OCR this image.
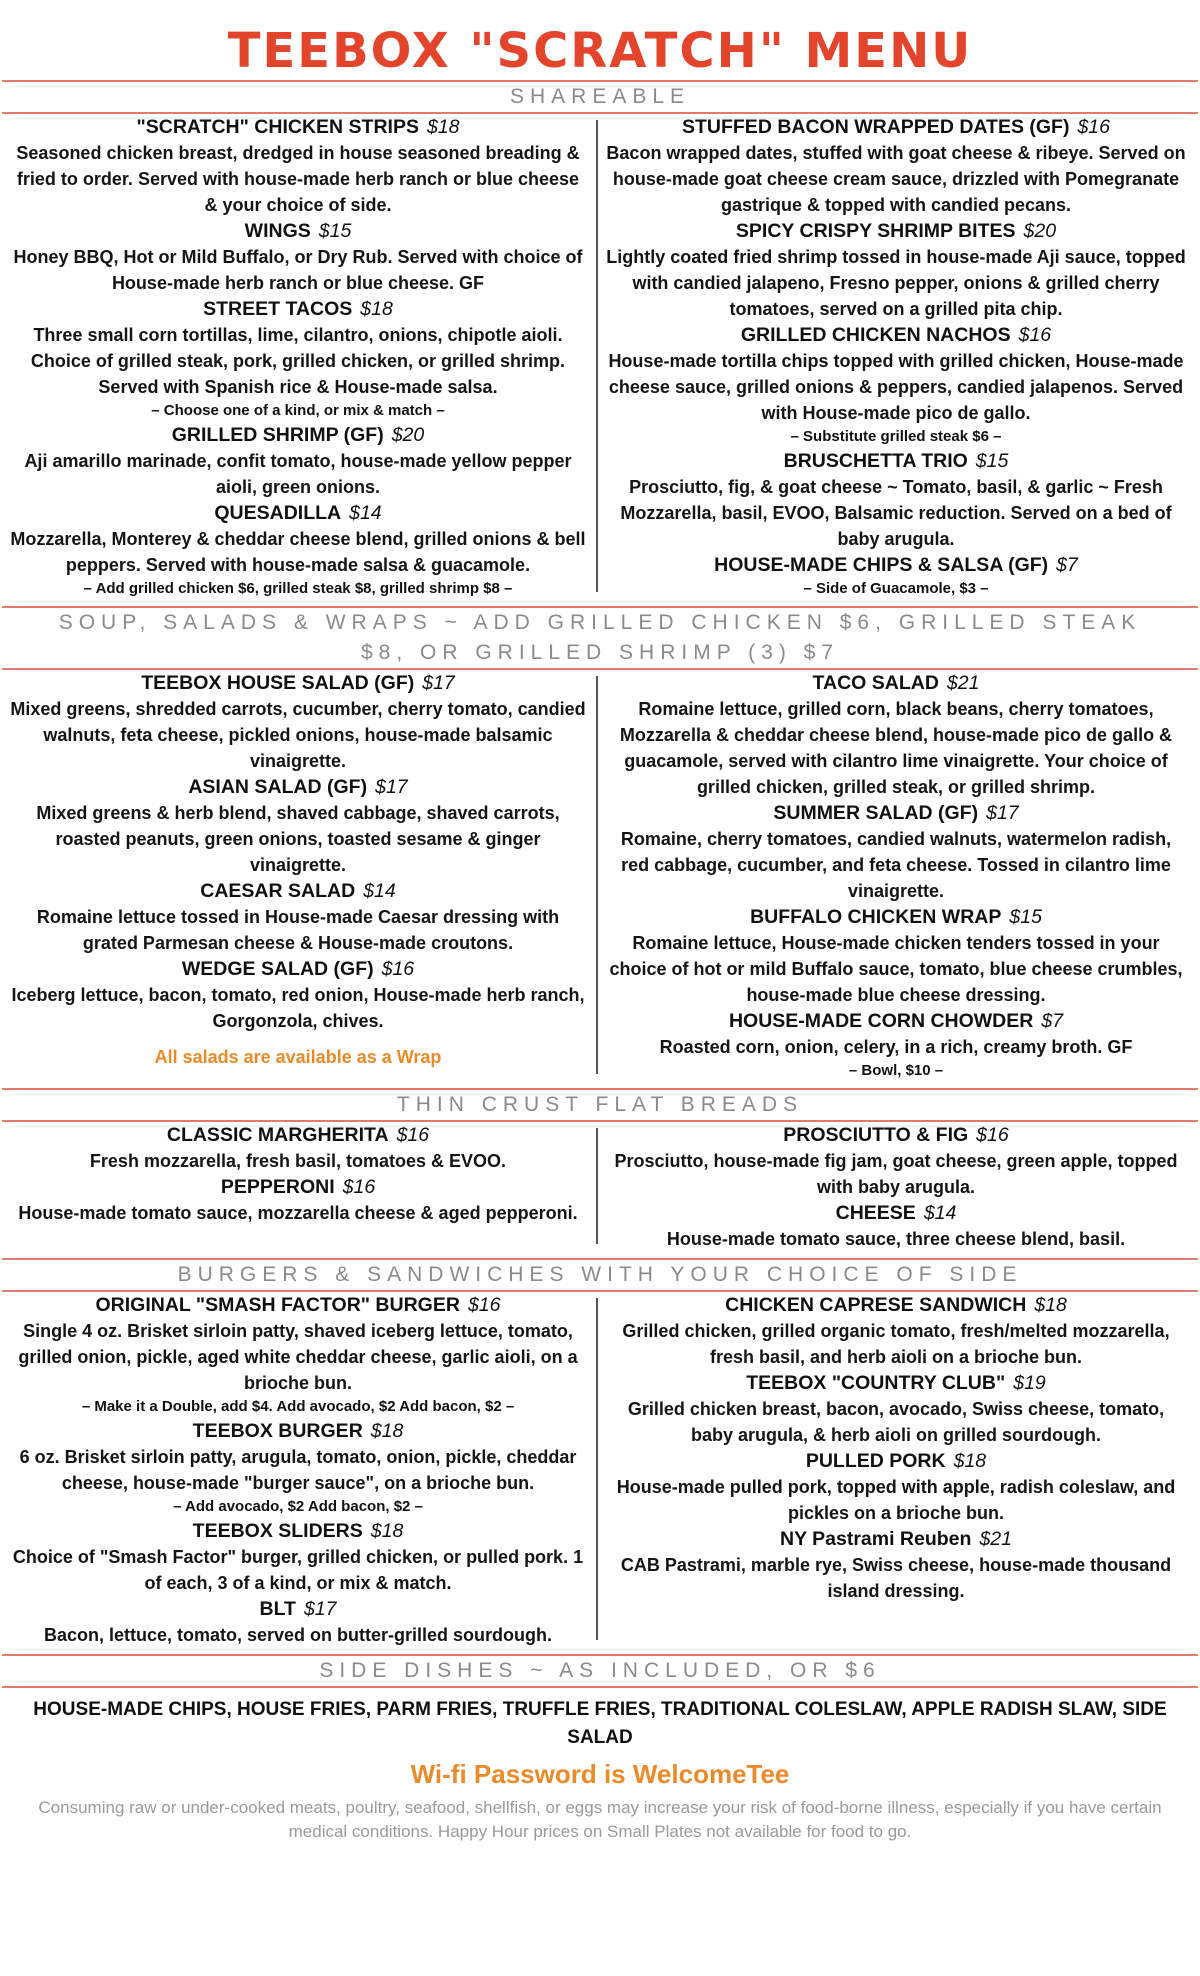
TEEBOX "SCRATCH" MENU
SHAREABLE
"SCRATCH" CHICKEN STRIPS $18
Seasoned chicken breast, dredged in house seasoned breading & fried to order. Served with house-made herb ranch or blue cheese & your choice of side.
WINGS $15
Honey BBQ, Hot or Mild Buffalo, or Dry Rub. Served with choice of House-made herb ranch or blue cheese. GF
STREET TACOS $18
Three small corn tortillas, lime, cilantro, onions, chipotle aioli. Choice of grilled steak, pork, grilled chicken, or grilled shrimp. Served with Spanish rice & House-made salsa.
– Choose one of a kind, or mix & match –
GRILLED SHRIMP (GF) $20
Aji amarillo marinade, confit tomato, house-made yellow pepper aioli, green onions.
QUESADILLA $14
Mozzarella, Monterey & cheddar cheese blend, grilled onions & bell peppers. Served with house-made salsa & guacamole.
– Add grilled chicken $6, grilled steak $8, grilled shrimp $8 –
STUFFED BACON WRAPPED DATES (GF) $16
Bacon wrapped dates, stuffed with goat cheese & ribeye. Served on house-made goat cheese cream sauce, drizzled with Pomegranate gastrique & topped with candied pecans.
SPICY CRISPY SHRIMP BITES $20
Lightly coated fried shrimp tossed in house-made Aji sauce, topped with candied jalapeno, Fresno pepper, onions & grilled cherry tomatoes, served on a grilled pita chip.
GRILLED CHICKEN NACHOS $16
House-made tortilla chips topped with grilled chicken, House-made cheese sauce, grilled onions & peppers, candied jalapenos. Served with House-made pico de gallo.
– Substitute grilled steak $6 –
BRUSCHETTA TRIO $15
Prosciutto, fig, & goat cheese ~ Tomato, basil, & garlic ~ Fresh Mozzarella, basil, EVOO, Balsamic reduction. Served on a bed of baby arugula.
HOUSE-MADE CHIPS & SALSA (GF) $7
– Side of Guacamole, $3 –
SOUP, SALADS & WRAPS ~ ADD GRILLED CHICKEN $6, GRILLED STEAK $8, OR GRILLED SHRIMP (3) $7
TEEBOX HOUSE SALAD (GF) $17
Mixed greens, shredded carrots, cucumber, cherry tomato, candied walnuts, feta cheese, pickled onions, house-made balsamic vinaigrette.
ASIAN SALAD (GF) $17
Mixed greens & herb blend, shaved cabbage, shaved carrots, roasted peanuts, green onions, toasted sesame & ginger vinaigrette.
CAESAR SALAD $14
Romaine lettuce tossed in House-made Caesar dressing with grated Parmesan cheese & House-made croutons.
WEDGE SALAD (GF) $16
Iceberg lettuce, bacon, tomato, red onion, House-made herb ranch, Gorgonzola, chives.
All salads are available as a Wrap
TACO SALAD $21
Romaine lettuce, grilled corn, black beans, cherry tomatoes, Mozzarella & cheddar cheese blend, house-made pico de gallo & guacamole, served with cilantro lime vinaigrette. Your choice of grilled chicken, grilled steak, or grilled shrimp.
SUMMER SALAD (GF) $17
Romaine, cherry tomatoes, candied walnuts, watermelon radish, red cabbage, cucumber, and feta cheese. Tossed in cilantro lime vinaigrette.
BUFFALO CHICKEN WRAP $15
Romaine lettuce, House-made chicken tenders tossed in your choice of hot or mild Buffalo sauce, tomato, blue cheese crumbles, house-made blue cheese dressing.
HOUSE-MADE CORN CHOWDER $7
Roasted corn, onion, celery, in a rich, creamy broth. GF
– Bowl, $10 –
THIN CRUST FLAT BREADS
CLASSIC MARGHERITA $16
Fresh mozzarella, fresh basil, tomatoes & EVOO.
PEPPERONI $16
House-made tomato sauce, mozzarella cheese & aged pepperoni.
PROSCIUTTO & FIG $16
Prosciutto, house-made fig jam, goat cheese, green apple, topped with baby arugula.
CHEESE $14
House-made tomato sauce, three cheese blend, basil.
BURGERS & SANDWICHES WITH YOUR CHOICE OF SIDE
ORIGINAL "SMASH FACTOR" BURGER $16
Single 4 oz. Brisket sirloin patty, shaved iceberg lettuce, tomato, grilled onion, pickle, aged white cheddar cheese, garlic aioli, on a brioche bun.
– Make it a Double, add $4. Add avocado, $2 Add bacon, $2 –
TEEBOX BURGER $18
6 oz. Brisket sirloin patty, arugula, tomato, onion, pickle, cheddar cheese, house-made "burger sauce", on a brioche bun.
– Add avocado, $2 Add bacon, $2 –
TEEBOX SLIDERS $18
Choice of "Smash Factor" burger, grilled chicken, or pulled pork. 1 of each, 3 of a kind, or mix & match.
BLT $17
Bacon, lettuce, tomato, served on butter-grilled sourdough.
CHICKEN CAPRESE SANDWICH $18
Grilled chicken, grilled organic tomato, fresh/melted mozzarella, fresh basil, and herb aioli on a brioche bun.
TEEBOX "COUNTRY CLUB" $19
Grilled chicken breast, bacon, avocado, Swiss cheese, tomato, baby arugula, & herb aioli on grilled sourdough.
PULLED PORK $18
House-made pulled pork, topped with apple, radish coleslaw, and pickles on a brioche bun.
NY Pastrami Reuben $21
CAB Pastrami, marble rye, Swiss cheese, house-made thousand island dressing.
SIDE DISHES ~ AS INCLUDED, OR $6
HOUSE-MADE CHIPS, HOUSE FRIES, PARM FRIES, TRUFFLE FRIES, TRADITIONAL COLESLAW, APPLE RADISH SLAW, SIDE SALAD
Wi-fi Password is WelcomeTee
Consuming raw or under-cooked meats, poultry, seafood, shellfish, or eggs may increase your risk of food-borne illness, especially if you have certain medical conditions. Happy Hour prices on Small Plates not available for food to go.
